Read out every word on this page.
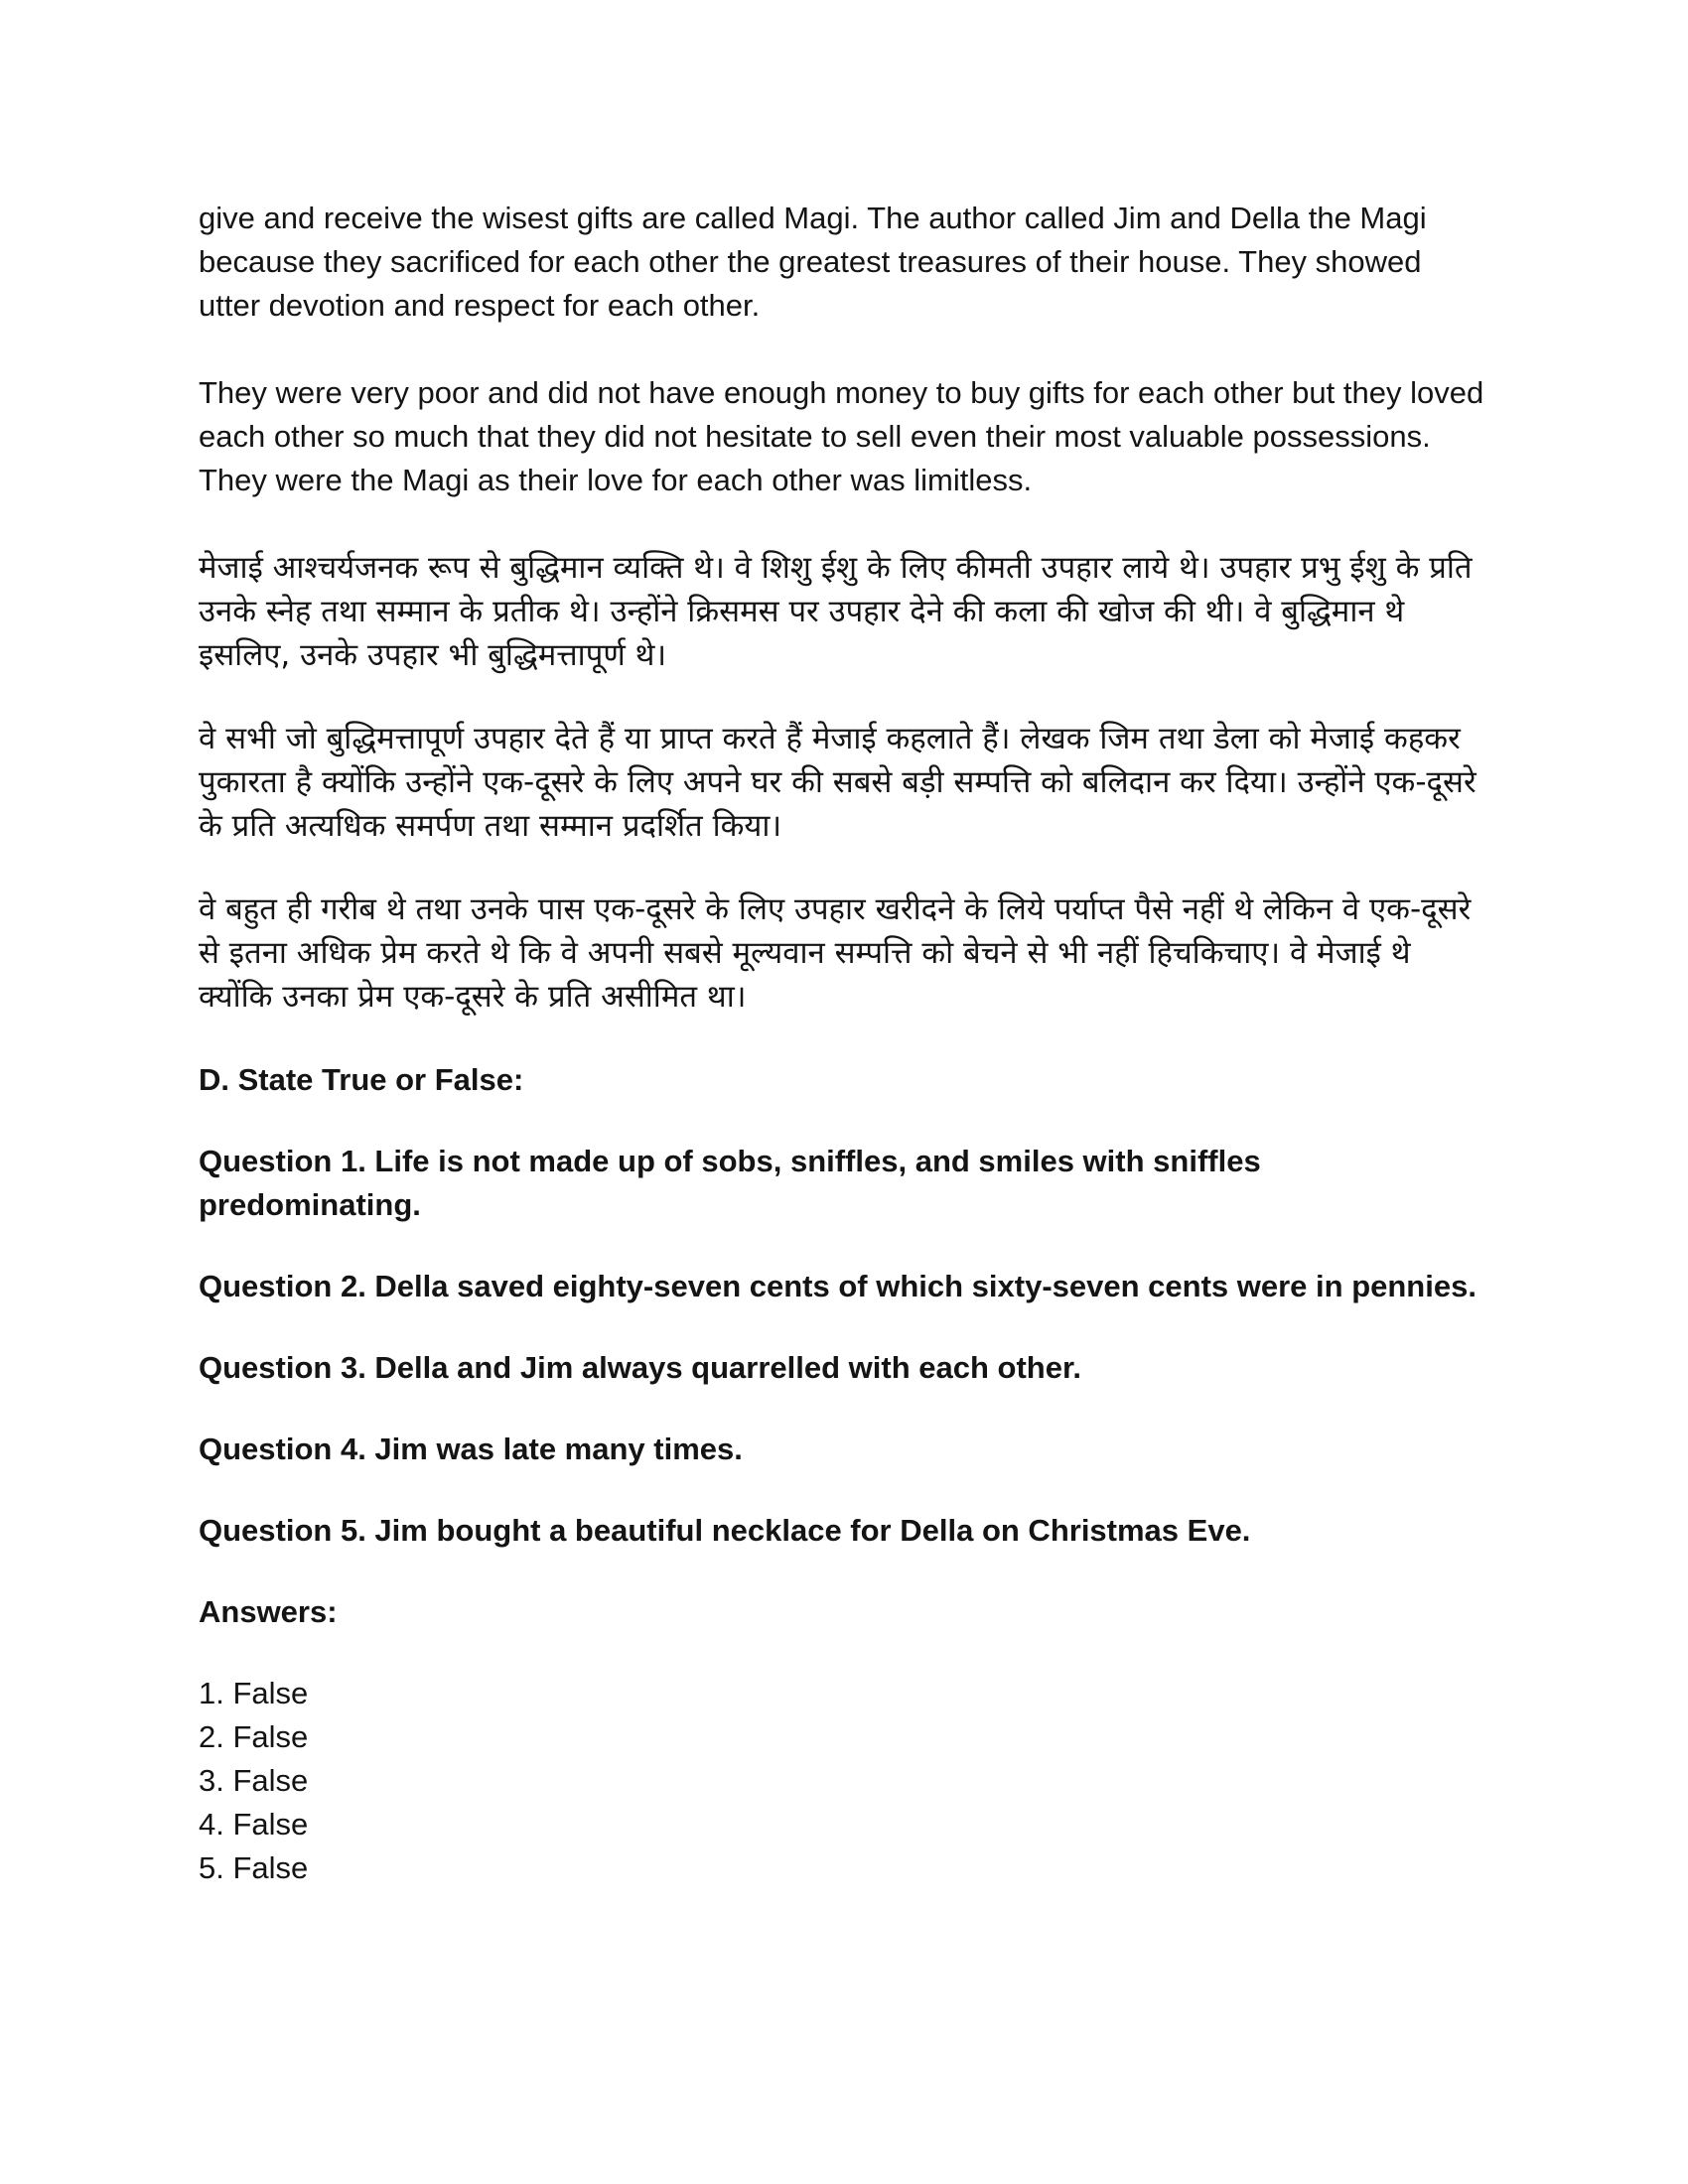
give and receive the wisest gifts are called Magi. The author called Jim and Della the Magi because they sacrificed for each other the greatest treasures of their house. They showed utter devotion and respect for each other.

They were very poor and did not have enough money to buy gifts for each other but they loved each other so much that they did not hesitate to sell even their most valuable possessions. They were the Magi as their love for each other was limitless.

मेजाई आश्चर्यजनक रूप से बुद्धिमान व्यक्ति थे। वे शिशु ईशु के लिए कीमती उपहार लाये थे। उपहार प्रभु ईशु के प्रति उनके स्नेह तथा सम्मान के प्रतीक थे। उन्होंने क्रिसमस पर उपहार देने की कला की खोज की थी। वे बुद्धिमान थे इसलिए, उनके उपहार भी बुद्धिमत्तापूर्ण थे।

वे सभी जो बुद्धिमत्तापूर्ण उपहार देते हैं या प्राप्त करते हैं मेजाई कहलाते हैं। लेखक जिम तथा डेला को मेजाई कहकर पुकारता है क्योंकि उन्होंने एक-दूसरे के लिए अपने घर की सबसे बड़ी सम्पत्ति को बलिदान कर दिया। उन्होंने एक-दूसरे के प्रति अत्यधिक समर्पण तथा सम्मान प्रदर्शित किया।

वे बहुत ही गरीब थे तथा उनके पास एक-दूसरे के लिए उपहार खरीदने के लिये पर्याप्त पैसे नहीं थे लेकिन वे एक-दूसरे से इतना अधिक प्रेम करते थे कि वे अपनी सबसे मूल्यवान सम्पत्ति को बेचने से भी नहीं हिचकिचाए। वे मेजाई थे क्योंकि उनका प्रेम एक-दूसरे के प्रति असीमित था।

D. State True or False:

Question 1. Life is not made up of sobs, sniffles, and smiles with sniffles predominating.

Question 2. Della saved eighty-seven cents of which sixty-seven cents were in pennies.

Question 3. Della and Jim always quarrelled with each other.

Question 4. Jim was late many times.

Question 5. Jim bought a beautiful necklace for Della on Christmas Eve.

Answers:

1. False
2. False
3. False
4. False
5. False
